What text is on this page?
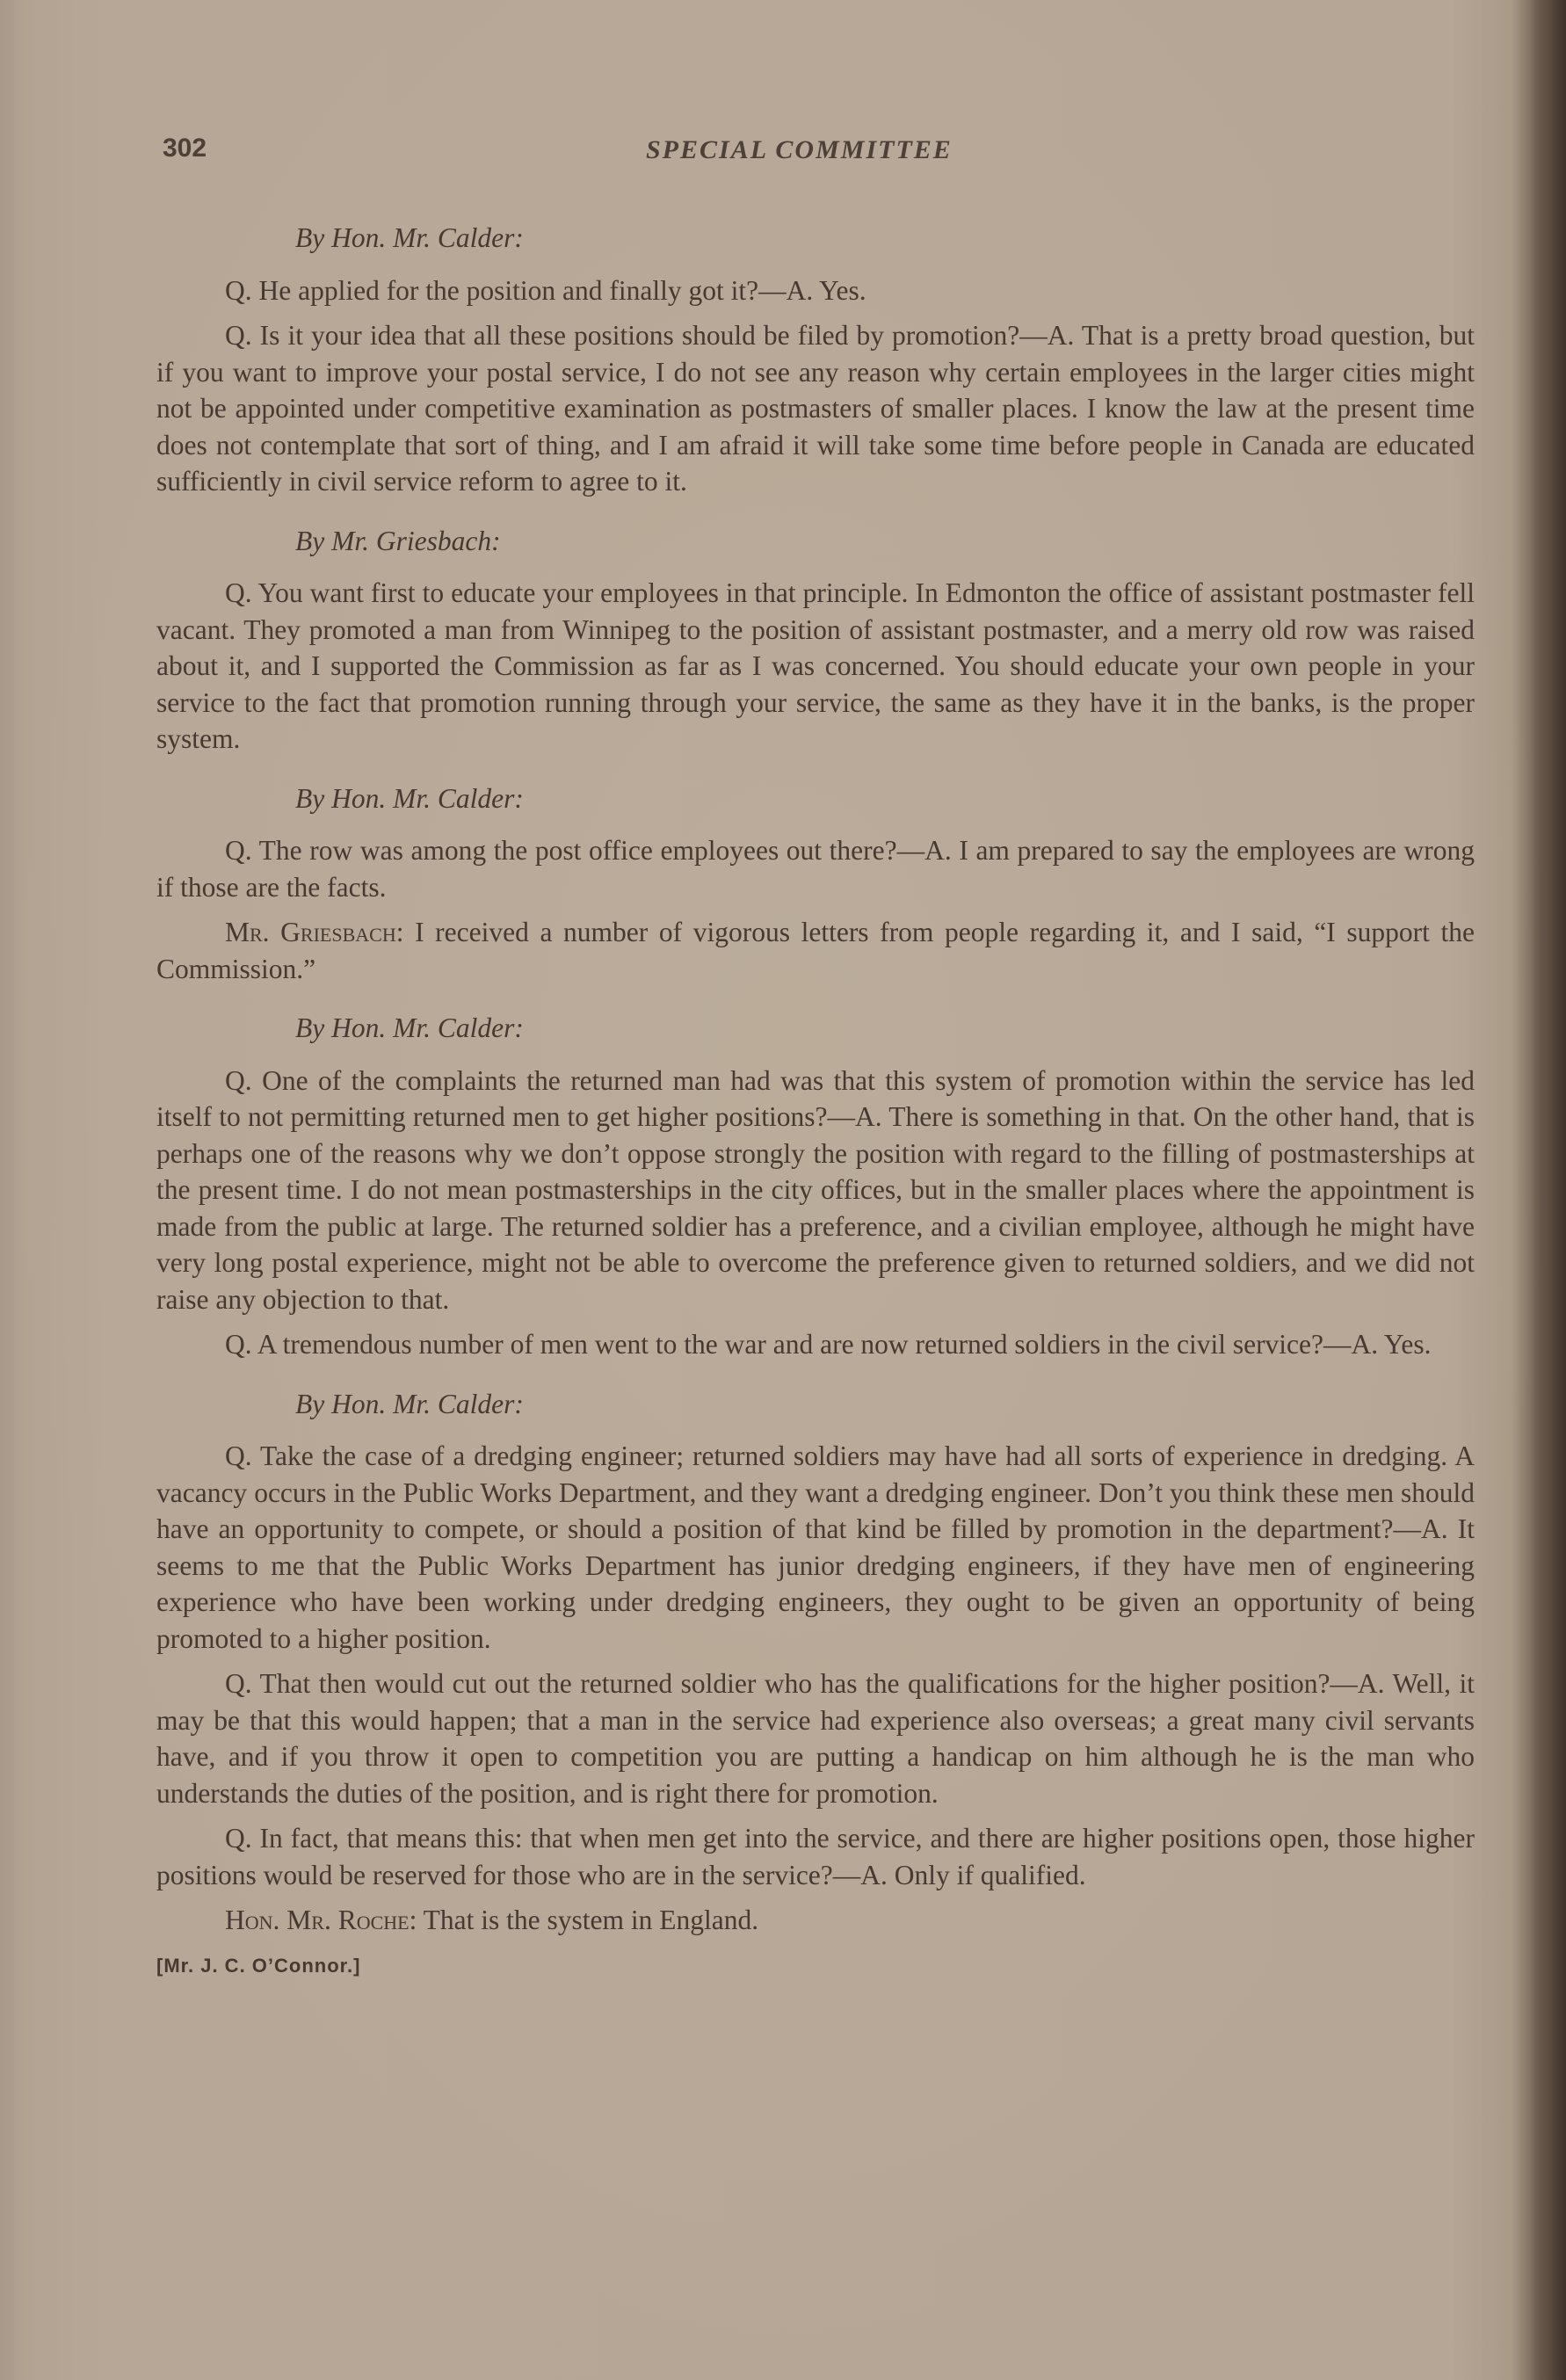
302	SPECIAL COMMITTEE
By Hon. Mr. Calder:

Q. He applied for the position and finally got it?—A. Yes.

Q. Is it your idea that all these positions should be filed by promotion?—A. That is a pretty broad question, but if you want to improve your postal service, I do not see any reason why certain employees in the larger cities might not be appointed under competitive examination as postmasters of smaller places. I know the law at the present time does not contemplate that sort of thing, and I am afraid it will take some time before people in Canada are educated sufficiently in civil service reform to agree to it.

By Mr. Griesbach:

Q. You want first to educate your employees in that principle. In Edmonton the office of assistant postmaster fell vacant. They promoted a man from Winnipeg to the position of assistant postmaster, and a merry old row was raised about it, and I supported the Commission as far as I was concerned. You should educate your own people in your service to the fact that promotion running through your service, the same as they have it in the banks, is the proper system.

By Hon. Mr. Calder:

Q. The row was among the post office employees out there?—A. I am prepared to say the employees are wrong if those are the facts.

Mr. Griesbach: I received a number of vigorous letters from people regarding it, and I said, “I support the Commission.”

By Hon. Mr. Calder:

Q. One of the complaints the returned man had was that this system of promotion within the service has led itself to not permitting returned men to get higher positions?—A. There is something in that. On the other hand, that is perhaps one of the reasons why we don’t oppose strongly the position with regard to the filling of postmasterships at the present time. I do not mean postmasterships in the city offices, but in the smaller places where the appointment is made from the public at large. The returned soldier has a preference, and a civilian employee, although he might have very long postal experience, might not be able to overcome the preference given to returned soldiers, and we did not raise any objection to that.

Q. A tremendous number of men went to the war and are now returned soldiers in the civil service?—A. Yes.

By Hon. Mr. Calder:

Q. Take the case of a dredging engineer; returned soldiers may have had all sorts of experience in dredging. A vacancy occurs in the Public Works Department, and they want a dredging engineer. Don’t you think these men should have an opportunity to compete, or should a position of that kind be filled by promotion in the department?—A. It seems to me that the Public Works Department has junior dredging engineers, if they have men of engineering experience who have been working under dredging engineers, they ought to be given an opportunity of being promoted to a higher position.

Q. That then would cut out the returned soldier who has the qualifications for the higher position?—A. Well, it may be that this would happen; that a man in the service had experience also overseas; a great many civil servants have, and if you throw it open to competition you are putting a handicap on him although he is the man who understands the duties of the position, and is right there for promotion.

Q. In fact, that means this: that when men get into the service, and there are higher positions open, those higher positions would be reserved for those who are in the service?—A. Only if qualified.

Hon. Mr. Roche: That is the system in England.

[Mr. J. C. O’Connor.]
